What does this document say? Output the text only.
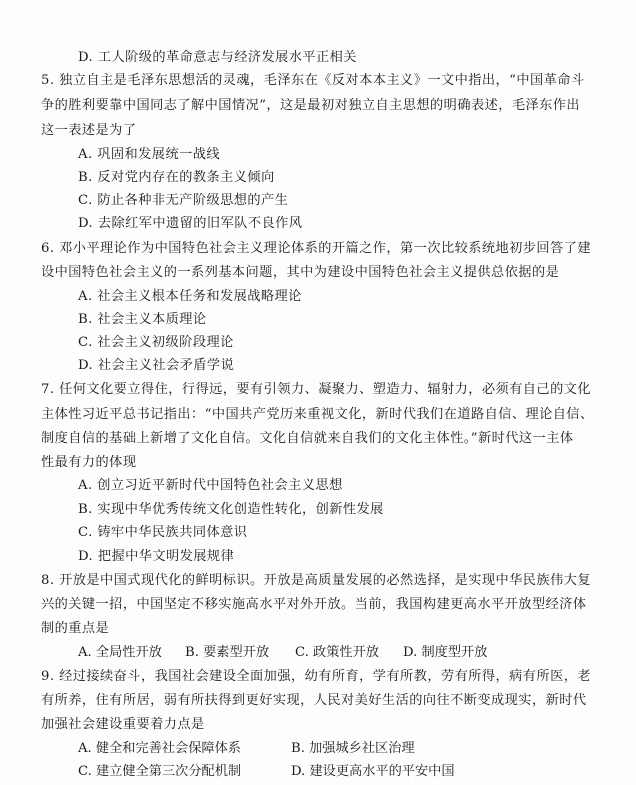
D. 工人阶级的革命意志与经济发展水平正相关
5. 独立自主是毛泽东思想活的灵魂，毛泽东在《反对本本主义》一文中指出，“中国革命斗
争的胜利要靠中国同志了解中国情况”，这是最初对独立自主思想的明确表述，毛泽东作出
这一表述是为了
A. 巩固和发展统一战线
B. 反对党内存在的教条主义倾向
C. 防止各种非无产阶级思想的产生
D. 去除红军中遗留的旧军队不良作风
6. 邓小平理论作为中国特色社会主义理论体系的开篇之作，第一次比较系统地初步回答了建
设中国特色社会主义的一系列基本问题，其中为建设中国特色社会主义提供总依据的是
A. 社会主义根本任务和发展战略理论
B. 社会主义本质理论
C. 社会主义初级阶段理论
D. 社会主义社会矛盾学说
7. 任何文化要立得住，行得远，要有引领力、凝聚力、塑造力、辐射力，必须有自己的文化
主体性习近平总书记指出：“中国共产党历来重视文化，新时代我们在道路自信、理论自信、
制度自信的基础上新增了文化自信。文化自信就来自我们的文化主体性。”新时代这一主体
性最有力的体现
A. 创立习近平新时代中国特色社会主义思想
B. 实现中华优秀传统文化创造性转化，创新性发展
C. 铸牢中华民族共同体意识
D. 把握中华文明发展规律
8. 开放是中国式现代化的鲜明标识。开放是高质量发展的必然选择，是实现中华民族伟大复
兴的关键一招，中国坚定不移实施高水平对外开放。当前，我国构建更高水平开放型经济体
制的重点是
A. 全局性开放	B. 要素型开放	C. 政策性开放	D. 制度型开放
9. 经过接续奋斗，我国社会建设全面加强，幼有所育，学有所教，劳有所得，病有所医，老
有所养，住有所居，弱有所扶得到更好实现，人民对美好生活的向往不断变成现实，新时代
加强社会建设重要着力点是
A. 健全和完善社会保障体系	B. 加强城乡社区治理
C. 建立健全第三次分配机制	D. 建设更高水平的平安中国
